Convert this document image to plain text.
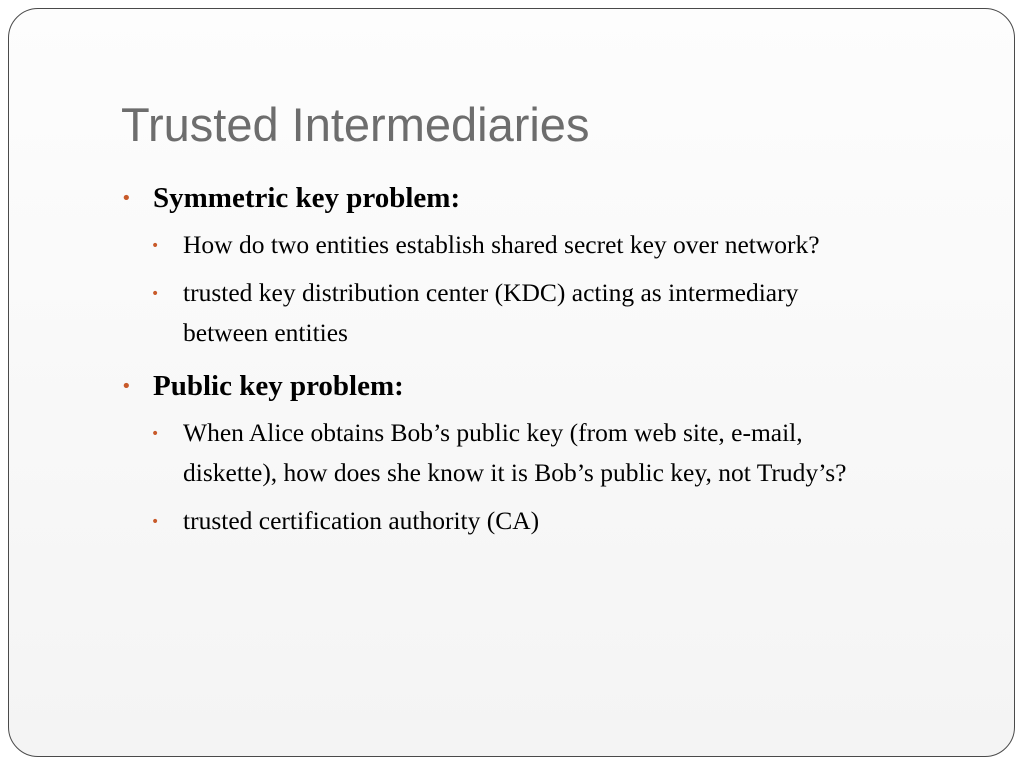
Trusted Intermediaries
• Symmetric key problem:
• How do two entities establish shared secret key over network?
• trusted key distribution center (KDC) acting as intermediary between entities
• Public key problem:
• When Alice obtains Bob’s public key (from web site, e-mail, diskette), how does she know it is Bob’s public key, not Trudy’s?
• trusted certification authority (CA)
